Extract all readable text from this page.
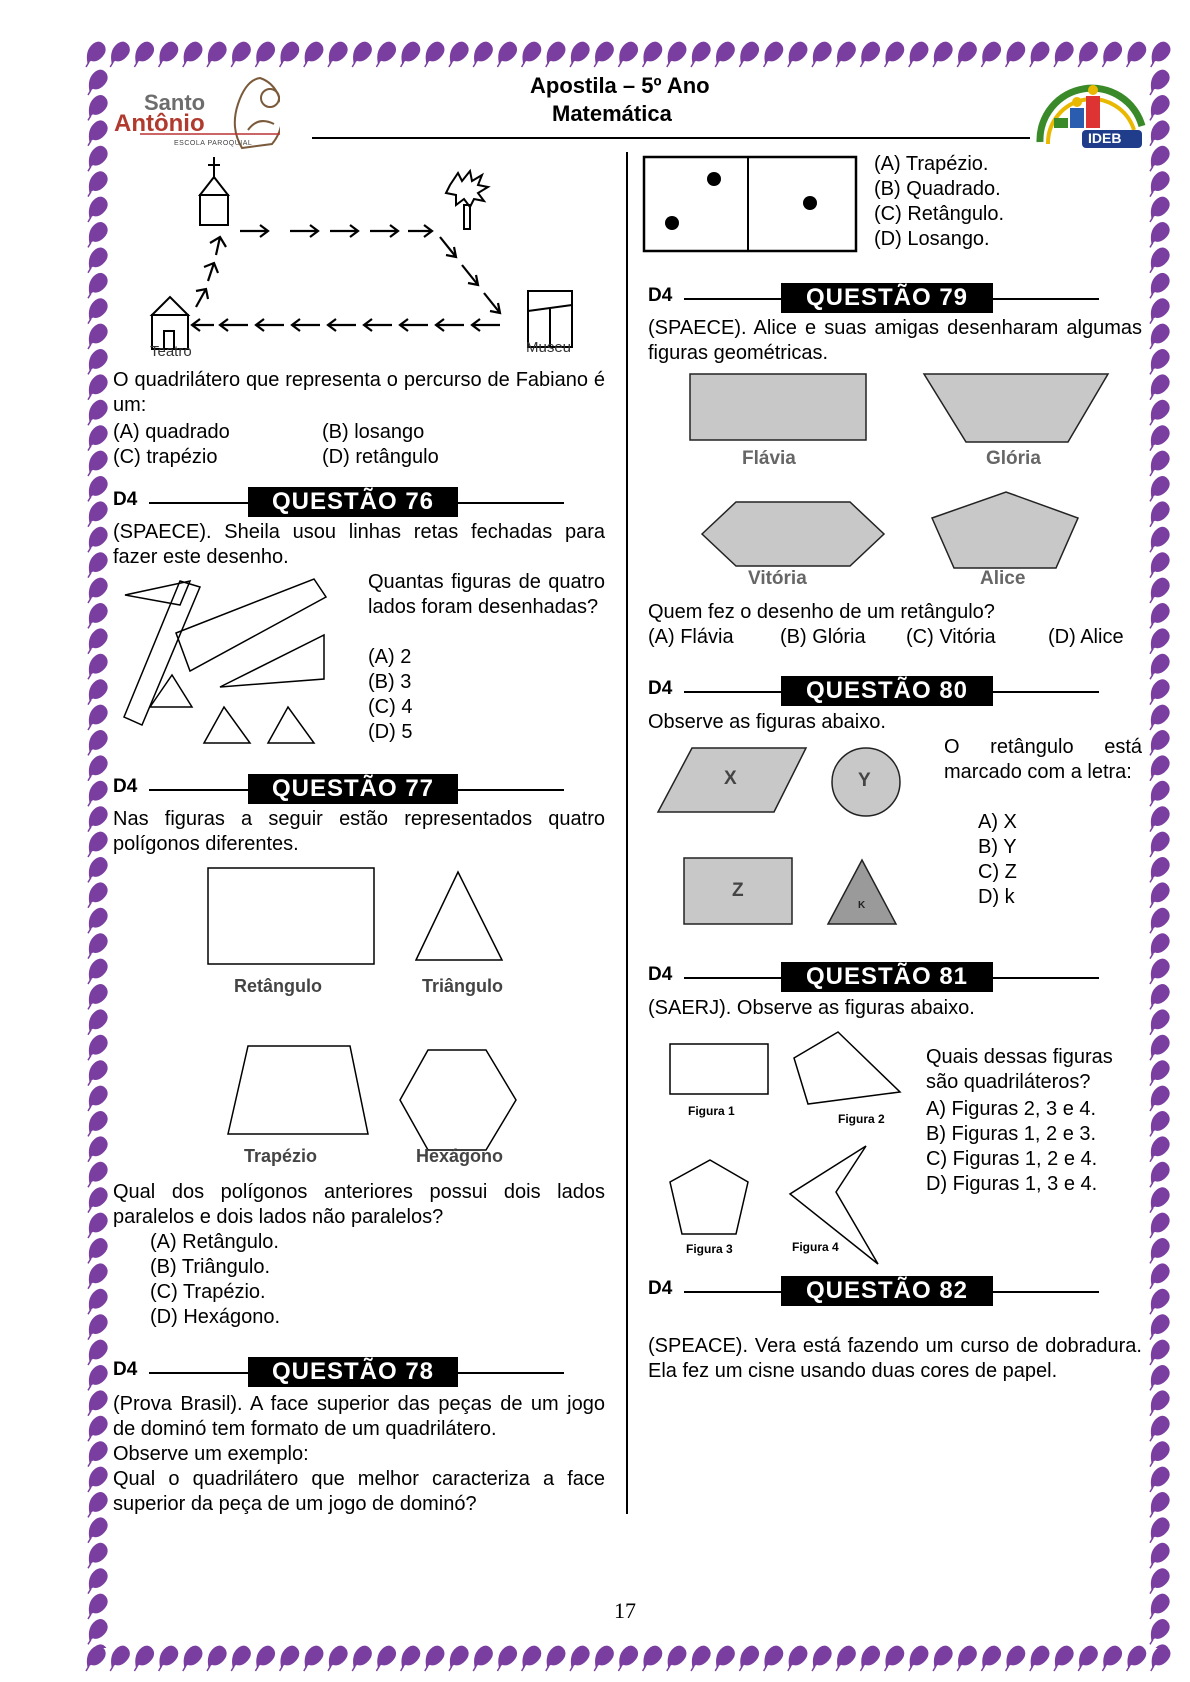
Santo
Antônio
ESCOLA PAROQUIAL
Apostila – 5º Ano
Matemática
IDEB
Teatro	Museu
O quadrilátero que representa o percurso de Fabiano é um:
(A) quadrado	(B) losango
(C) trapézio	(D) retângulo
D4	QUESTÃO 76
(SPAECE). Sheila usou linhas retas fechadas para fazer este desenho.
Quantas figuras de quatro lados foram desenhadas?
(A) 2
(B) 3
(C) 4
(D) 5
D4	QUESTÃO 77
Nas figuras a seguir estão representados quatro polígonos diferentes.
Retângulo	Triângulo
Trapézio	Hexágono
Qual dos polígonos anteriores possui dois lados paralelos e dois lados não paralelos?
(A) Retângulo.
(B) Triângulo.
(C) Trapézio.
(D) Hexágono.
D4	QUESTÃO 78
(Prova Brasil). A face superior das peças de um jogo de dominó tem formato de um quadrilátero.
Observe um exemplo:
Qual o quadrilátero que melhor caracteriza a face superior da peça de um jogo de dominó?
(A) Trapézio.
(B) Quadrado.
(C) Retângulo.
(D) Losango.
D4	QUESTÃO 79
(SPAECE). Alice e suas amigas desenharam algumas figuras geométricas.
Flávia	Glória
Vitória	Alice
Quem fez o desenho de um retângulo?
(A) Flávia (B) Glória (C) Vitória	(D) Alice
D4	QUESTÃO 80
Observe as figuras abaixo.
X	Y
Z
K
O retângulo está marcado com a letra:
A) X
B) Y
C) Z
D) k
D4	QUESTÃO 81
(SAERJ). Observe as figuras abaixo.
Figura 1
Figura 2
Figura 3	Figura 4
Quais dessas figuras são quadriláteros?
A) Figuras 2, 3 e 4.
B) Figuras 1, 2 e 3.
C) Figuras 1, 2 e 4.
D) Figuras 1, 3 e 4.
D4	QUESTÃO 82
(SPEACE). Vera está fazendo um curso de dobradura. Ela fez um cisne usando duas cores de papel.
17
